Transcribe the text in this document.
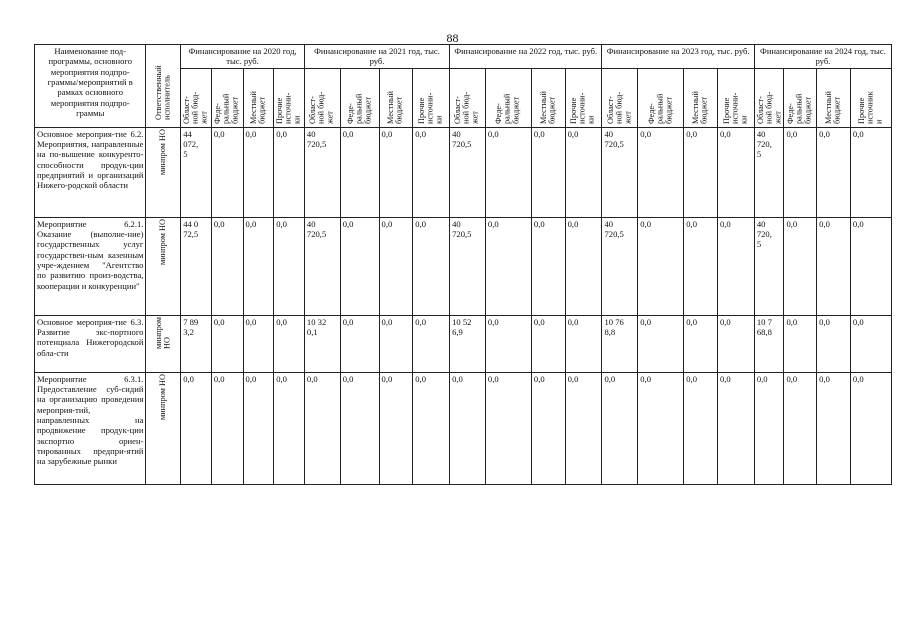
88
Наименование под-программы, основного мероприятия подпро-граммы/мероприятий в рамках основного мероприятия подпро-граммы	Ответственный
исполнитель	Финансирование на 2020 год, тыс. руб.				Финансирование на 2021 год, тыс. руб.				Финансирование на 2022 год, тыс. руб.				Финансирование на 2023 год, тыс. руб.				Финансирование на 2024 год, тыс. руб.			

		Област-
ной бюд-
жет	Феде-
ральный
бюджет	Местный
бюджет	Прочие
источни-
ки	Област-
ной бюд-
жет	Феде-
ральный
бюджет	Местный
бюджет	Прочие
источни-
ки	Област-
ной бюд-
жет	Феде-
ральный
бюджет	Местный
бюджет	Прочие
источни-
ки	Област-
ной бюд-
жет	Феде-
ральный
бюджет	Местный
бюджет	Прочие
источни-
ки	Област-
ной бюд-
жет	Феде-
ральный
бюджет	Местный
бюджет	Прочие
источник
и

Основное мероприя-тие 6.2. Мероприятия, направленные на по-вышение конкуренто-способности продук-ции предприятий и организаций Нижего-родской области	минпром НО	44
072,
5	0,0	0,0	0,0	40
720,5	0,0	0,0	0,0	40
720,5	0,0	0,0	0,0	40
720,5	0,0	0,0	0,0	40
720,
5	0,0	0,0	0,0
Мероприятие 6.2.1. Оказание (выполне-ние) государственных услуг государствен-ным казенным учре-ждением "Агентство по развитию произ-водства, кооперации и конкуренции"	минпром НО	44 0
72,5	0,0	0,0	0,0	40
720,5	0,0	0,0	0,0	40
720,5	0,0	0,0	0,0	40
720,5	0,0	0,0	0,0	40
720,
5	0,0	0,0	0,0
Основное мероприя-тие 6.3. Развитие экс-портного потенциала Нижегородской обла-сти	минпром
НО	7 89
3,2	0,0	0,0	0,0	10 32
0,1	0,0	0,0	0,0	10 52
6,9	0,0	0,0	0,0	10 76
8,8	0,0	0,0	0,0	10 7
68,8	0,0	0,0	0,0
Мероприятие 6.3.1. Предоставление суб-сидий на организацию проведения мероприя-тий, направленных на продвижение продук-ции экспортно ориен-тированных предпри-ятий на зарубежные рынки	минпром НО	0,0	0,0	0,0	0,0	0,0	0,0	0,0	0,0	0,0	0,0	0,0	0,0	0,0	0,0	0,0	0,0	0,0	0,0	0,0	0,0
